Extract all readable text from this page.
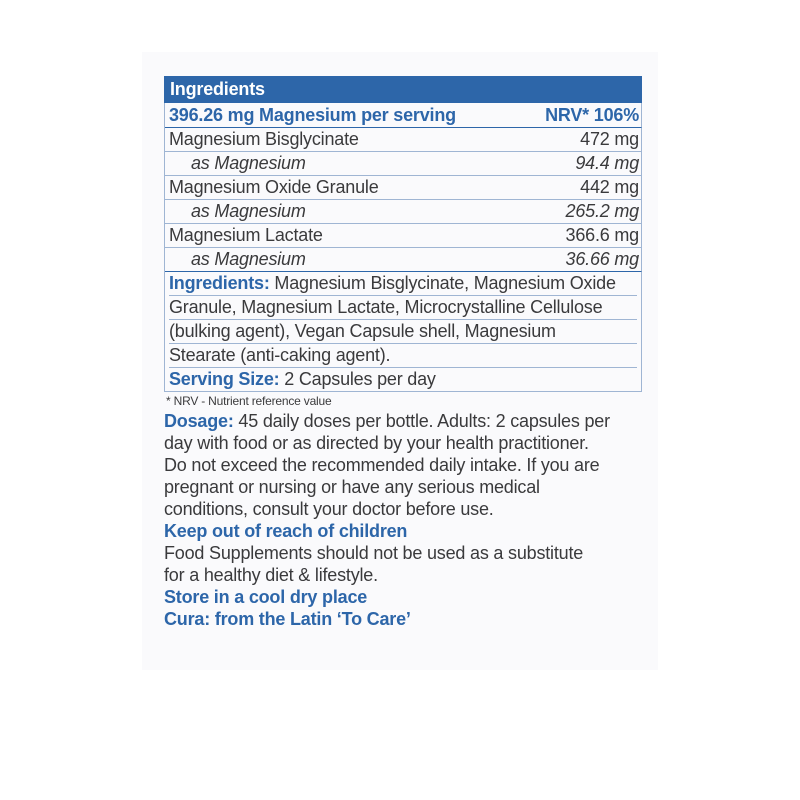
Ingredients
396.26 mg Magnesium per serving	NRV* 106%
Magnesium Bisglycinate	472 mg
as Magnesium	94.4 mg
Magnesium Oxide Granule	442 mg
as Magnesium	265.2 mg
Magnesium Lactate	366.6 mg
as Magnesium	36.66 mg
Ingredients: Magnesium Bisglycinate, Magnesium Oxide
Granule, Magnesium Lactate, Microcrystalline Cellulose
(bulking agent), Vegan Capsule shell, Magnesium
Stearate (anti-caking agent).
Serving Size: 2 Capsules per day
* NRV - Nutrient reference value
Dosage: 45 daily doses per bottle. Adults: 2 capsules per
day with food or as directed by your health practitioner.
Do not exceed the recommended daily intake. If you are
pregnant or nursing or have any serious medical
conditions, consult your doctor before use.
Keep out of reach of children
Food Supplements should not be used as a substitute
for a healthy diet & lifestyle.
Store in a cool dry place
Cura: from the Latin ‘To Care’
